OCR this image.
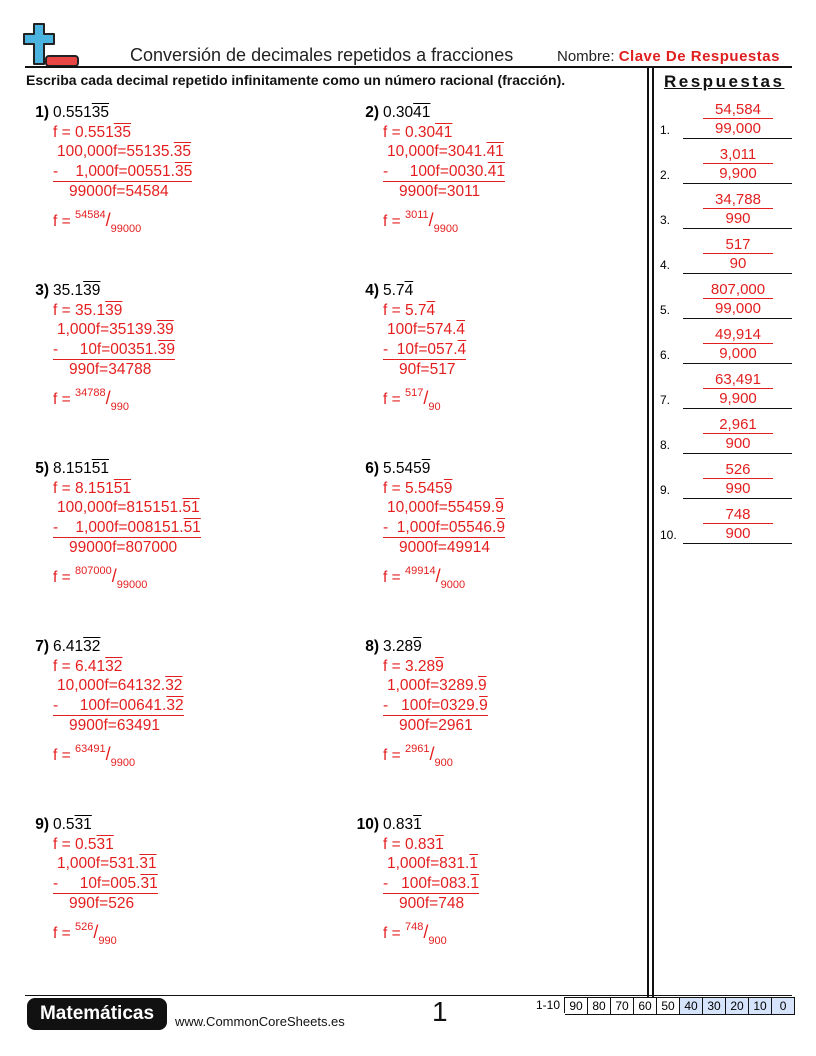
Conversión de decimales repetidos a fracciones	Nombre: Clave De Respuestas
Escriba cada decimal repetido infinitamente como un número racional (fracción).	Respuestas
1) 0.55135
f = 0.55135
100,000f=55135.35
-    1,000f=00551.35
99000f=54584
$f = ^{54584}/_{99000}$
2) 0.3041
f = 0.3041
10,000f=3041.41
-     100f=0030.41
9900f=3011
$f = ^{3011}/_{9900}$
3) 35.139
f = 35.139
1,000f=35139.39
-     10f=00351.39
990f=34788
$f = ^{34788}/_{990}$
4) 5.74
f = 5.74
100f=574.4
-  10f=057.4
90f=517
$f = ^{517}/_{90}$
5) 8.15151
f = 8.15151
100,000f=815151.51
-    1,000f=008151.51
99000f=807000
$f = ^{807000}/_{99000}$
6) 5.5459
f = 5.5459
10,000f=55459.9
-  1,000f=05546.9
9000f=49914
$f = ^{49914}/_{9000}$
7) 6.4132
f = 6.4132
10,000f=64132.32
-     100f=00641.32
9900f=63491
$f = ^{63491}/_{9900}$
8) 3.289
f = 3.289
1,000f=3289.9
-   100f=0329.9
900f=2961
$f = ^{2961}/_{900}$
9) 0.531
f = 0.531
1,000f=531.31
-     10f=005.31
990f=526
$f = ^{526}/_{990}$
10) 0.831
f = 0.831
1,000f=831.1
-   100f=083.1
900f=748
$f = ^{748}/_{900}$
1.
54,584
99,000
2.
3,011
9,900
3.
34,788
990
4.
517
90
5.
807,000
99,000
6.
49,914
9,000
7.
63,491
9,900
8.
2,961
900
9.
526
990
10.
748
900
Matemáticas	www.CommonCoreSheets.es	1	1-10 90 80 70 60 50 40 30 20 10	0
